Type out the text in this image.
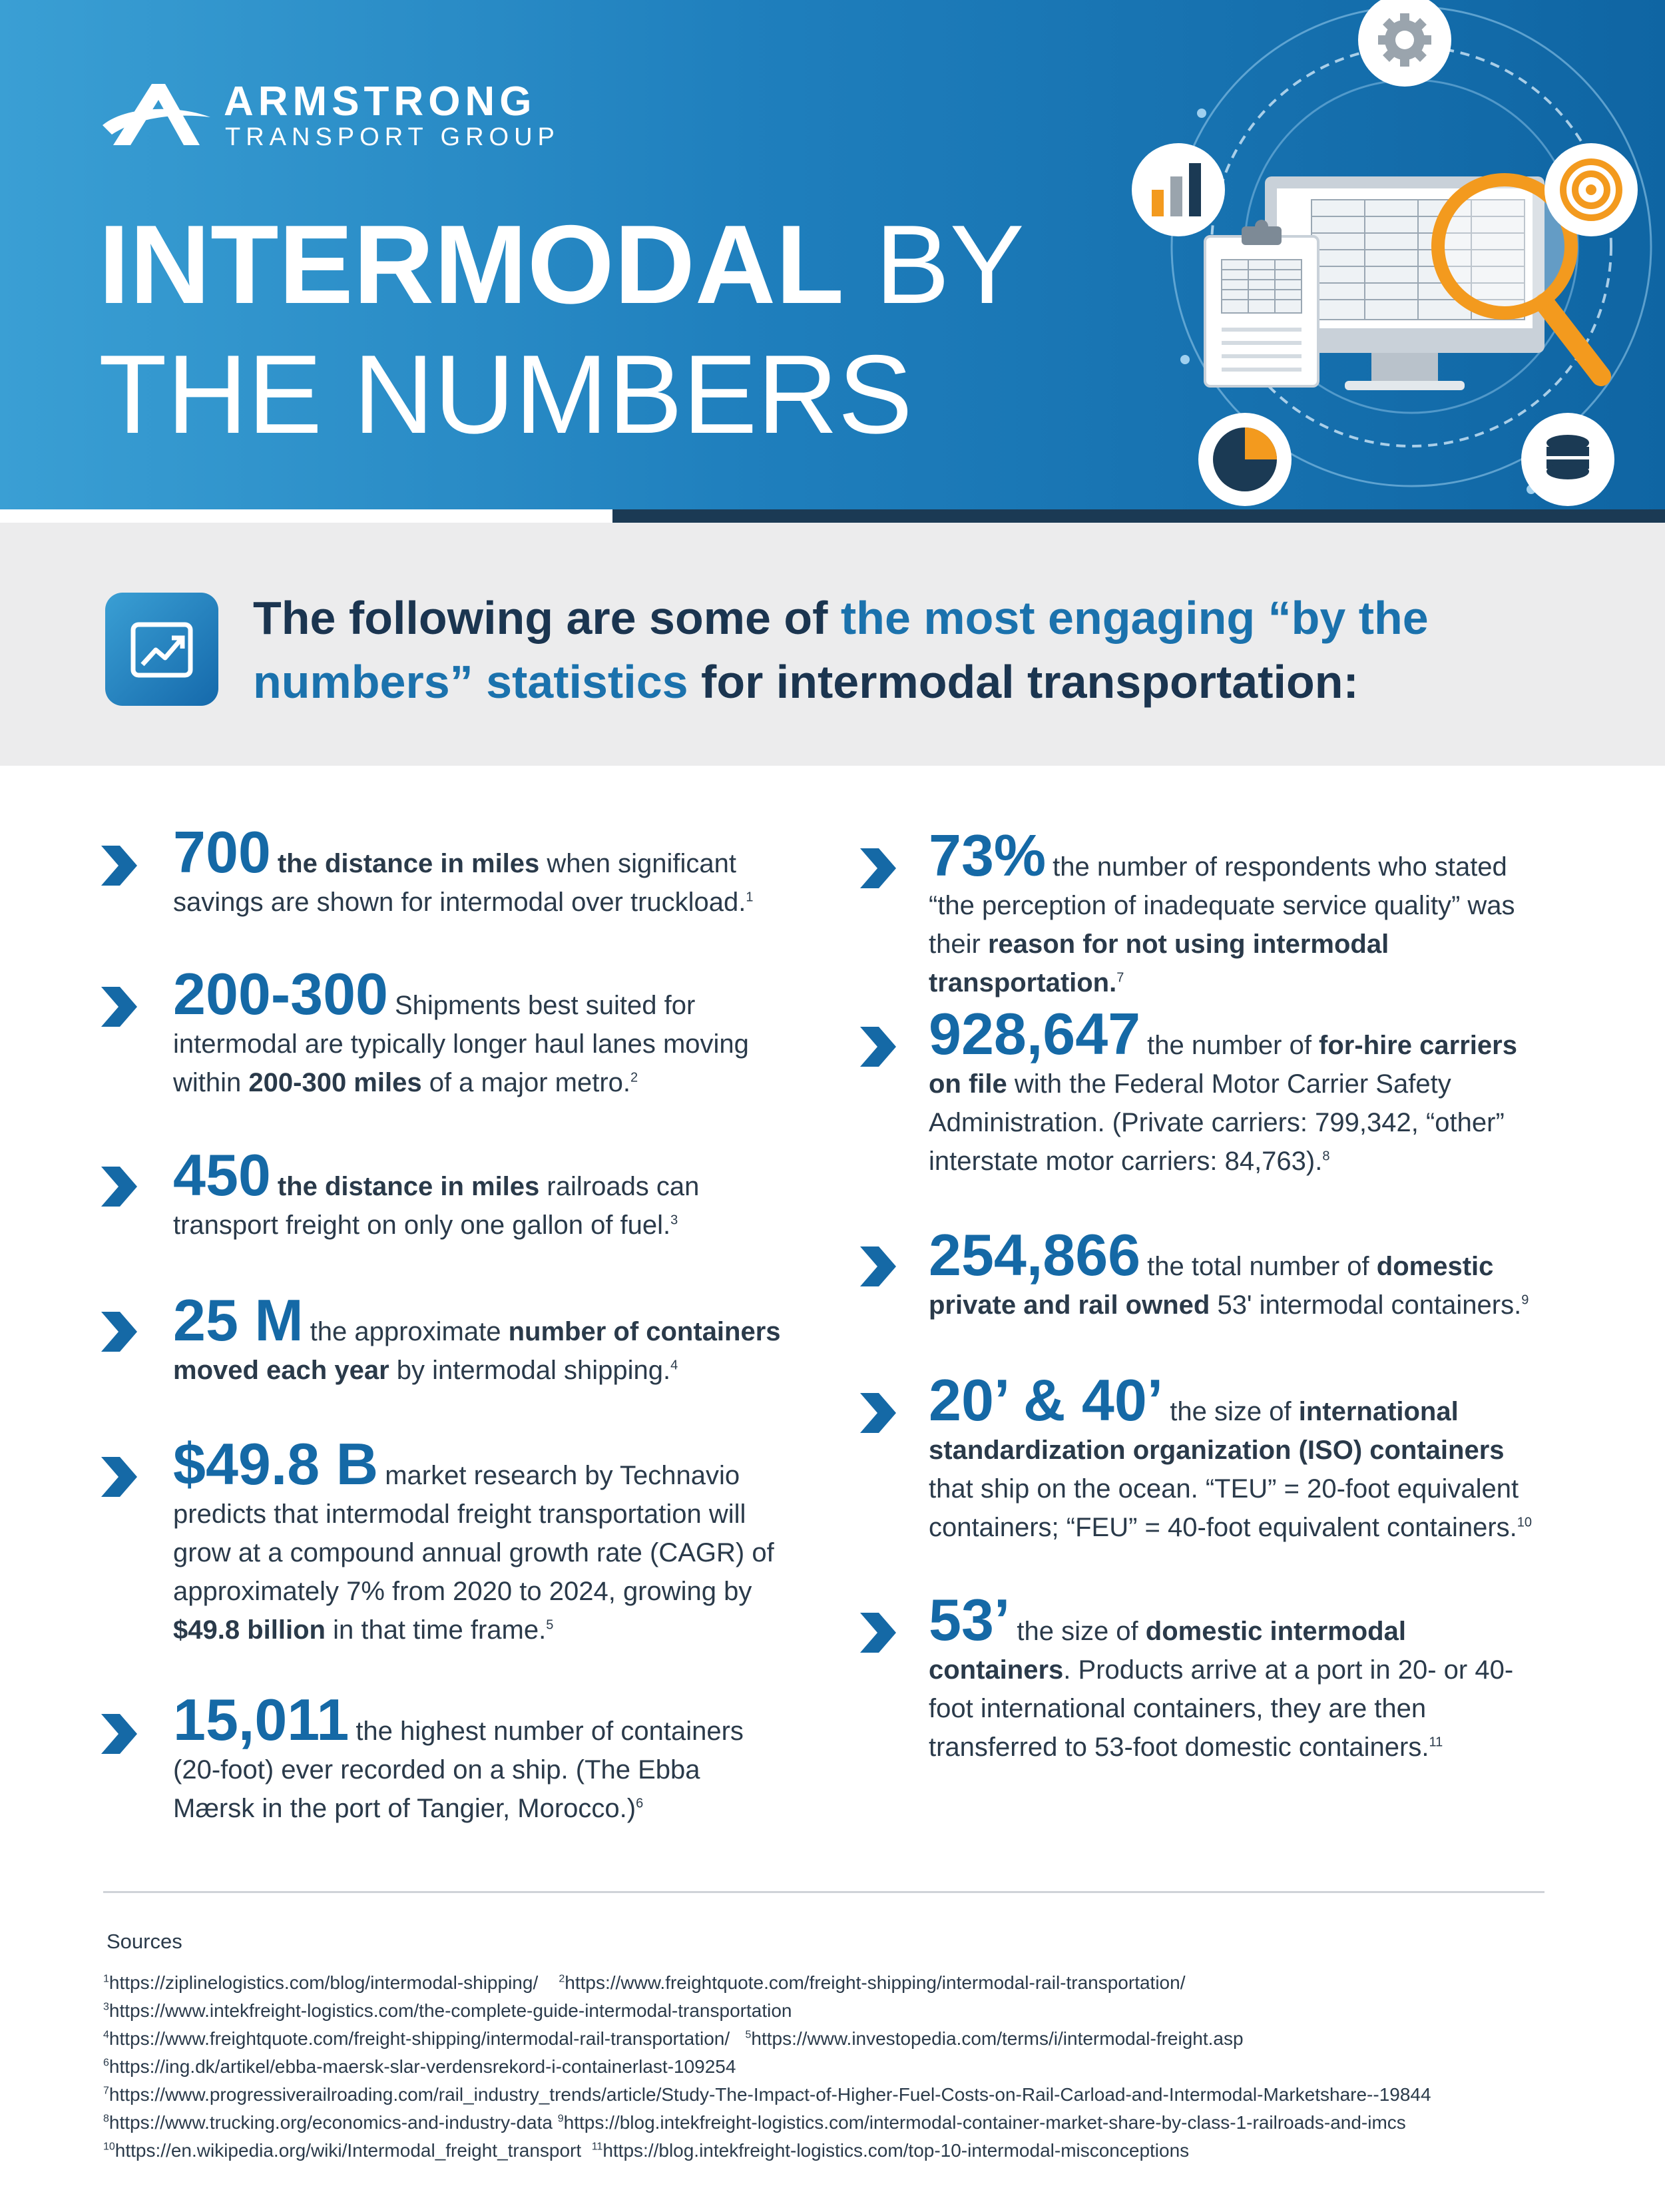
ARMSTRONG
TRANSPORT GROUP
INTERMODAL BY
THE NUMBERS
The following are some of the most engaging “by the numbers” statistics for intermodal transportation:
700 the distance in miles when significant savings are shown for intermodal over truckload.$^1$
200-300 Shipments best suited for intermodal are typically longer haul lanes moving within 200-300 miles of a major metro.$^2$
450 the distance in miles railroads can transport freight on only one gallon of fuel.$^3$
25 M the approximate number of containers moved each year by intermodal shipping.$^4$
$49.8 B market research by Technavio predicts that intermodal freight transportation will grow at a compound annual growth rate (CAGR) of approximately 7% from 2020 to 2024, growing by $49.8 billion in that time frame.$^5$
15,011 the highest number of containers (20-foot) ever recorded on a ship. (The Ebba Mærsk in the port of Tangier, Morocco.)$^6$
73% the number of respondents who stated “the perception of inadequate service quality” was their reason for not using intermodal transportation.$^7$
928,647 the number of for-hire carriers on file with the Federal Motor Carrier Safety Administration. (Private carriers: 799,342, “other” interstate motor carriers: 84,763).$^8$
254,866 the total number of domestic private and rail owned 53' intermodal containers.$^9$
20’ & 40’ the size of international standardization organization (ISO) containers that ship on the ocean. “TEU” = 20-foot equivalent containers; “FEU” = 40-foot equivalent containers.$^{10}$
53’ the size of domestic intermodal containers. Products arrive at a port in 20- or 40-foot international containers, they are then transferred to 53-foot domestic containers.$^{11}$
Sources
$^1$https://ziplinelogistics.com/blog/intermodal-shipping/ $^2$https://www.freightquote.com/freight-shipping/intermodal-rail-transportation/
$^3$https://www.intekfreight-logistics.com/the-complete-guide-intermodal-transportation
$^4$https://www.freightquote.com/freight-shipping/intermodal-rail-transportation/ $^5$https://www.investopedia.com/terms/i/intermodal-freight.asp
$^6$https://ing.dk/artikel/ebba-maersk-slar-verdensrekord-i-containerlast-109254
$^7$https://www.progressiverailroading.com/rail_industry_trends/article/Study-The-Impact-of-Higher-Fuel-Costs-on-Rail-Carload-and-Intermodal-Marketshare--19844
$^8$https://www.trucking.org/economics-and-industry-data $^9$https://blog.intekfreight-logistics.com/intermodal-container-market-share-by-class-1-railroads-and-imcs
$^{10}$https://en.wikipedia.org/wiki/Intermodal_freight_transport $^{11}$https://blog.intekfreight-logistics.com/top-10-intermodal-misconceptions
